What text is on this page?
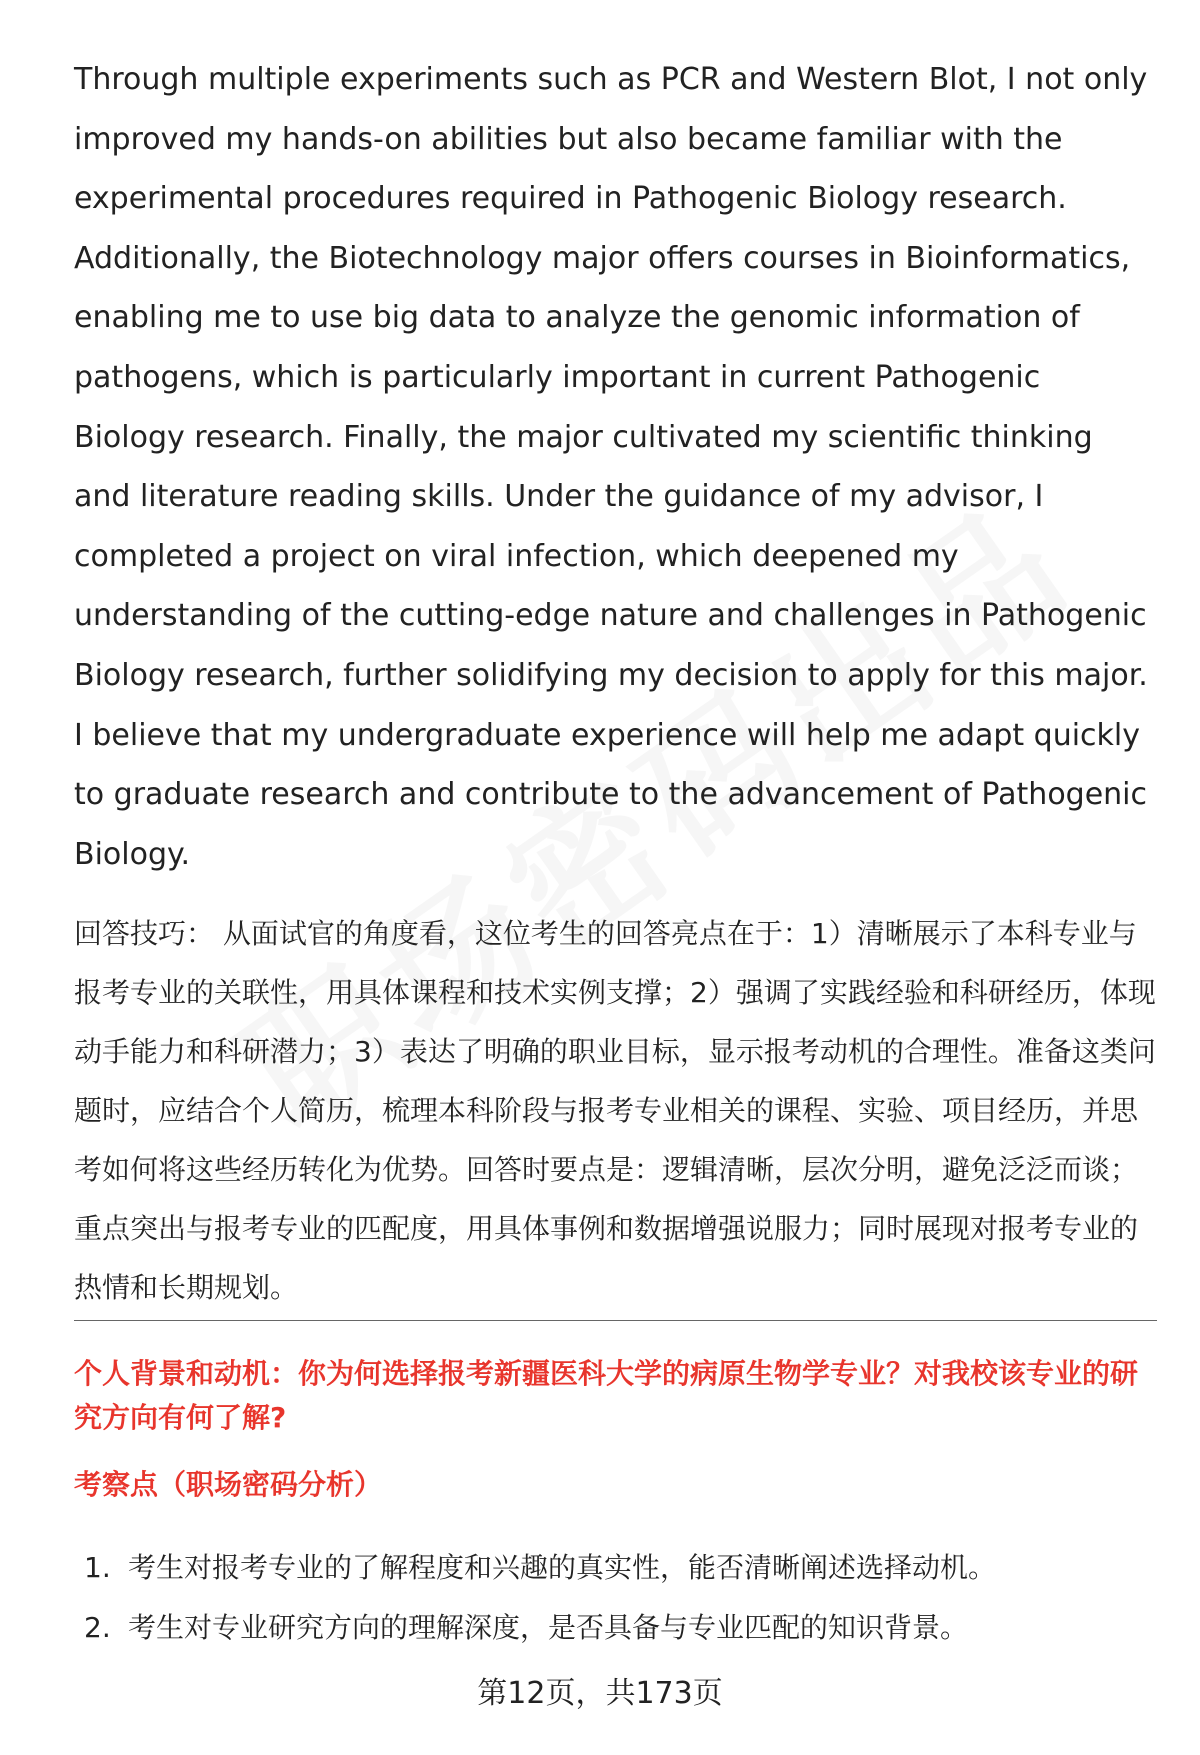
Through multiple experiments such as PCR and Western Blot, I not only improved my hands-on abilities but also became familiar with the experimental procedures required in Pathogenic Biology research. Additionally, the Biotechnology major offers courses in Bioinformatics, enabling me to use big data to analyze the genomic information of pathogens, which is particularly important in current Pathogenic Biology research. Finally, the major cultivated my scientific thinking and literature reading skills. Under the guidance of my advisor, I completed a project on viral infection, which deepened my understanding of the cutting-edge nature and challenges in Pathogenic Biology research, further solidifying my decision to apply for this major. I believe that my undergraduate experience will help me adapt quickly to graduate research and contribute to the advancement of Pathogenic Biology.

回答技巧： 从面试官的角度看，这位考生的回答亮点在于：1）清晰展示了本科专业与报考专业的关联性，用具体课程和技术实例支撑；2）强调了实践经验和科研经历，体现动手能力和科研潜力；3）表达了明确的职业目标，显示报考动机的合理性。准备这类问题时，应结合个人简历，梳理本科阶段与报考专业相关的课程、实验、项目经历，并思考如何将这些经历转化为优势。回答时要点是：逻辑清晰，层次分明，避免泛泛而谈；重点突出与报考专业的匹配度，用具体事例和数据增强说服力；同时展现对报考专业的热情和长期规划。

个人背景和动机：你为何选择报考新疆医科大学的病原生物学专业？对我校该专业的研究方向有何了解?

考察点（职场密码分析）

1. 考生对报考专业的了解程度和兴趣的真实性，能否清晰阐述选择动机。
2. 考生对专业研究方向的理解深度，是否具备与专业匹配的知识背景。
第12页，共173页
